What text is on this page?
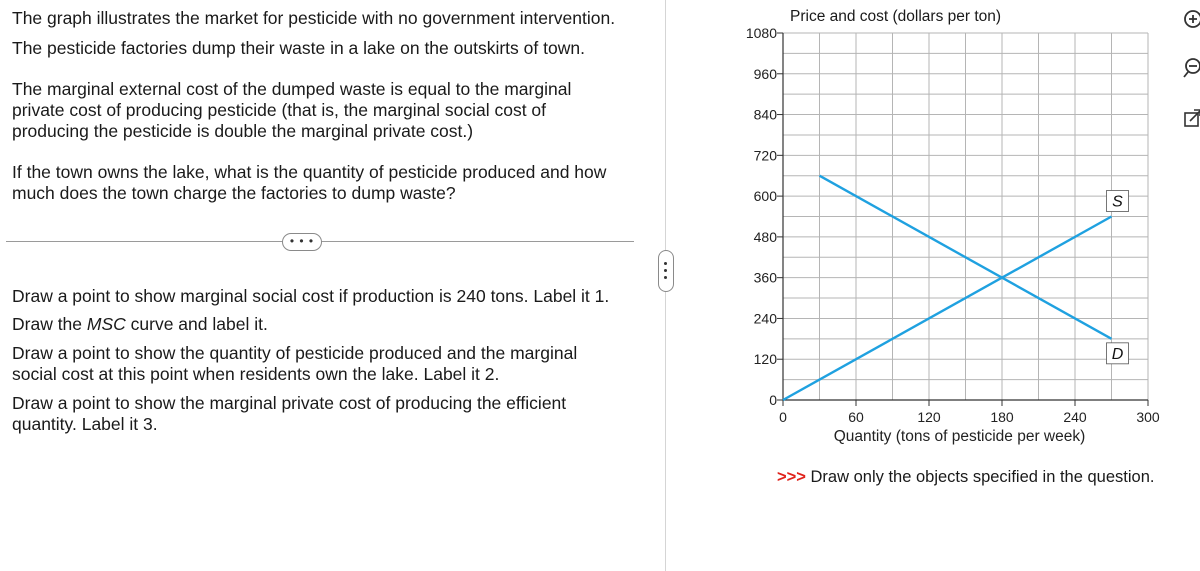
The graph illustrates the market for pesticide with no government intervention.

The pesticide factories dump their waste in a lake on the outskirts of town.

The marginal external cost of the dumped waste is equal to the marginal
private cost of producing pesticide (that is, the marginal social cost of
producing the pesticide is double the marginal private cost.)
If the town owns the lake, what is the quantity of pesticide produced and how
much does the town charge the factories to dump waste?
• • •

Draw a point to show marginal social cost if production is 240 tons. Label it 1.

Draw the MSC curve and label it.

Draw a point to show the quantity of pesticide produced and the marginal
social cost at this point when residents own the lake. Label it 2.
Draw a point to show the marginal private cost of producing the efficient
quantity. Label it 3.
Price and cost (dollars per ton)
0
120
240
360
480
600
720
840
960
1080
0	60	120	180	240	300
Quantity (tons of pesticide per week)
S
D
>>> Draw only the objects specified in the question.
